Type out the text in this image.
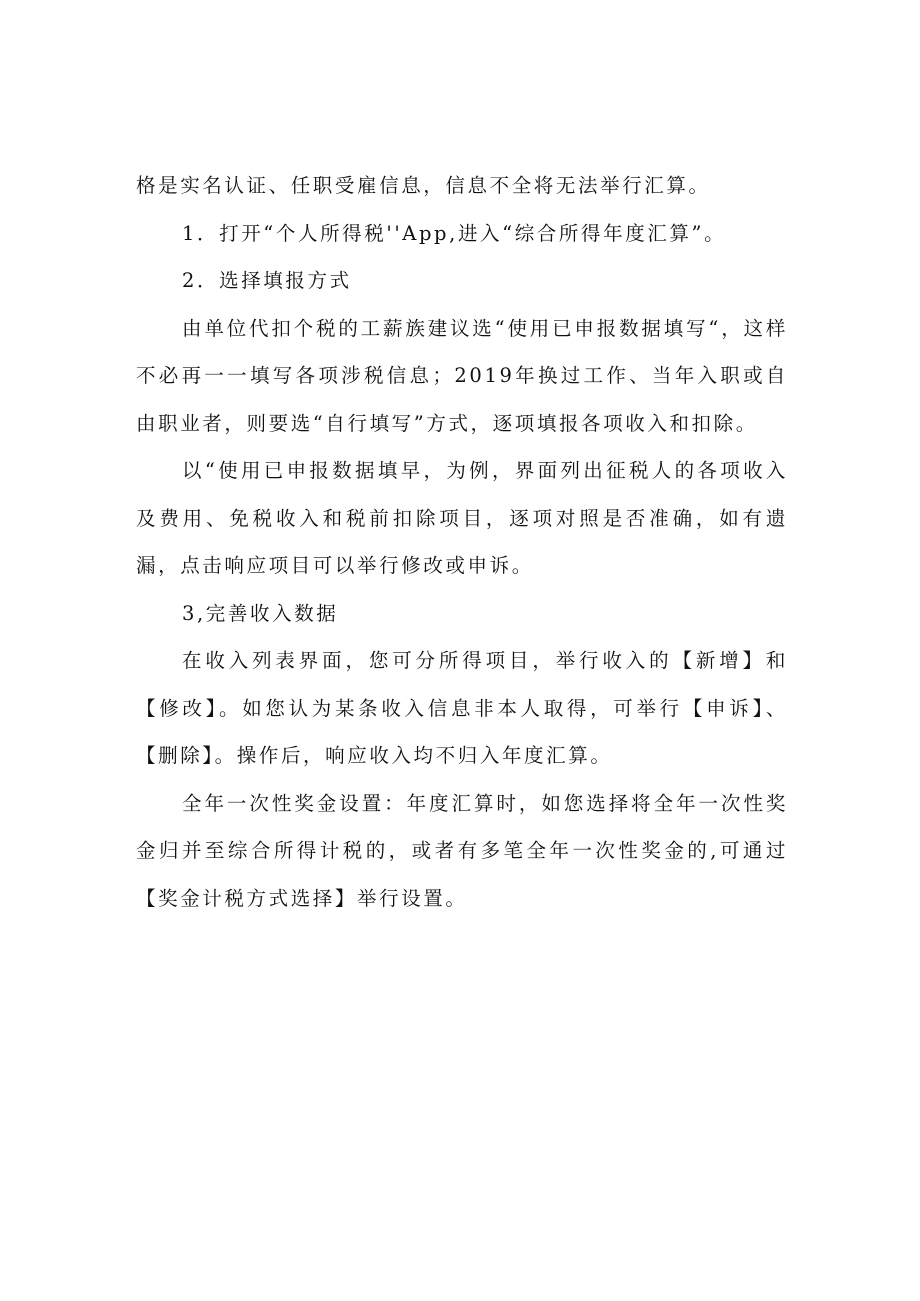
格是实名认证、任职受雇信息，信息不全将无法举行汇算。

1．打开“个人所得税''App,进入“综合所得年度汇算”。

2．选择填报方式

由单位代扣个税的工薪族建议选“使用已申报数据填写“，这样不必再一一填写各项涉税信息；2019年换过工作、当年入职或自由职业者，则要选“自行填写”方式，逐项填报各项收入和扣除。

以“使用已申报数据填早，为例，界面列出征税人的各项收入及费用、免税收入和税前扣除项目，逐项对照是否准确，如有遗漏，点击响应项目可以举行修改或申诉。

3,完善收入数据

在收入列表界面，您可分所得项目，举行收入的【新增】和【修改】。如您认为某条收入信息非本人取得，可举行【申诉】、【删除】。操作后，响应收入均不归入年度汇算。

全年一次性奖金设置：年度汇算时，如您选择将全年一次性奖金归并至综合所得计税的，或者有多笔全年一次性奖金的,可通过【奖金计税方式选择】举行设置。
